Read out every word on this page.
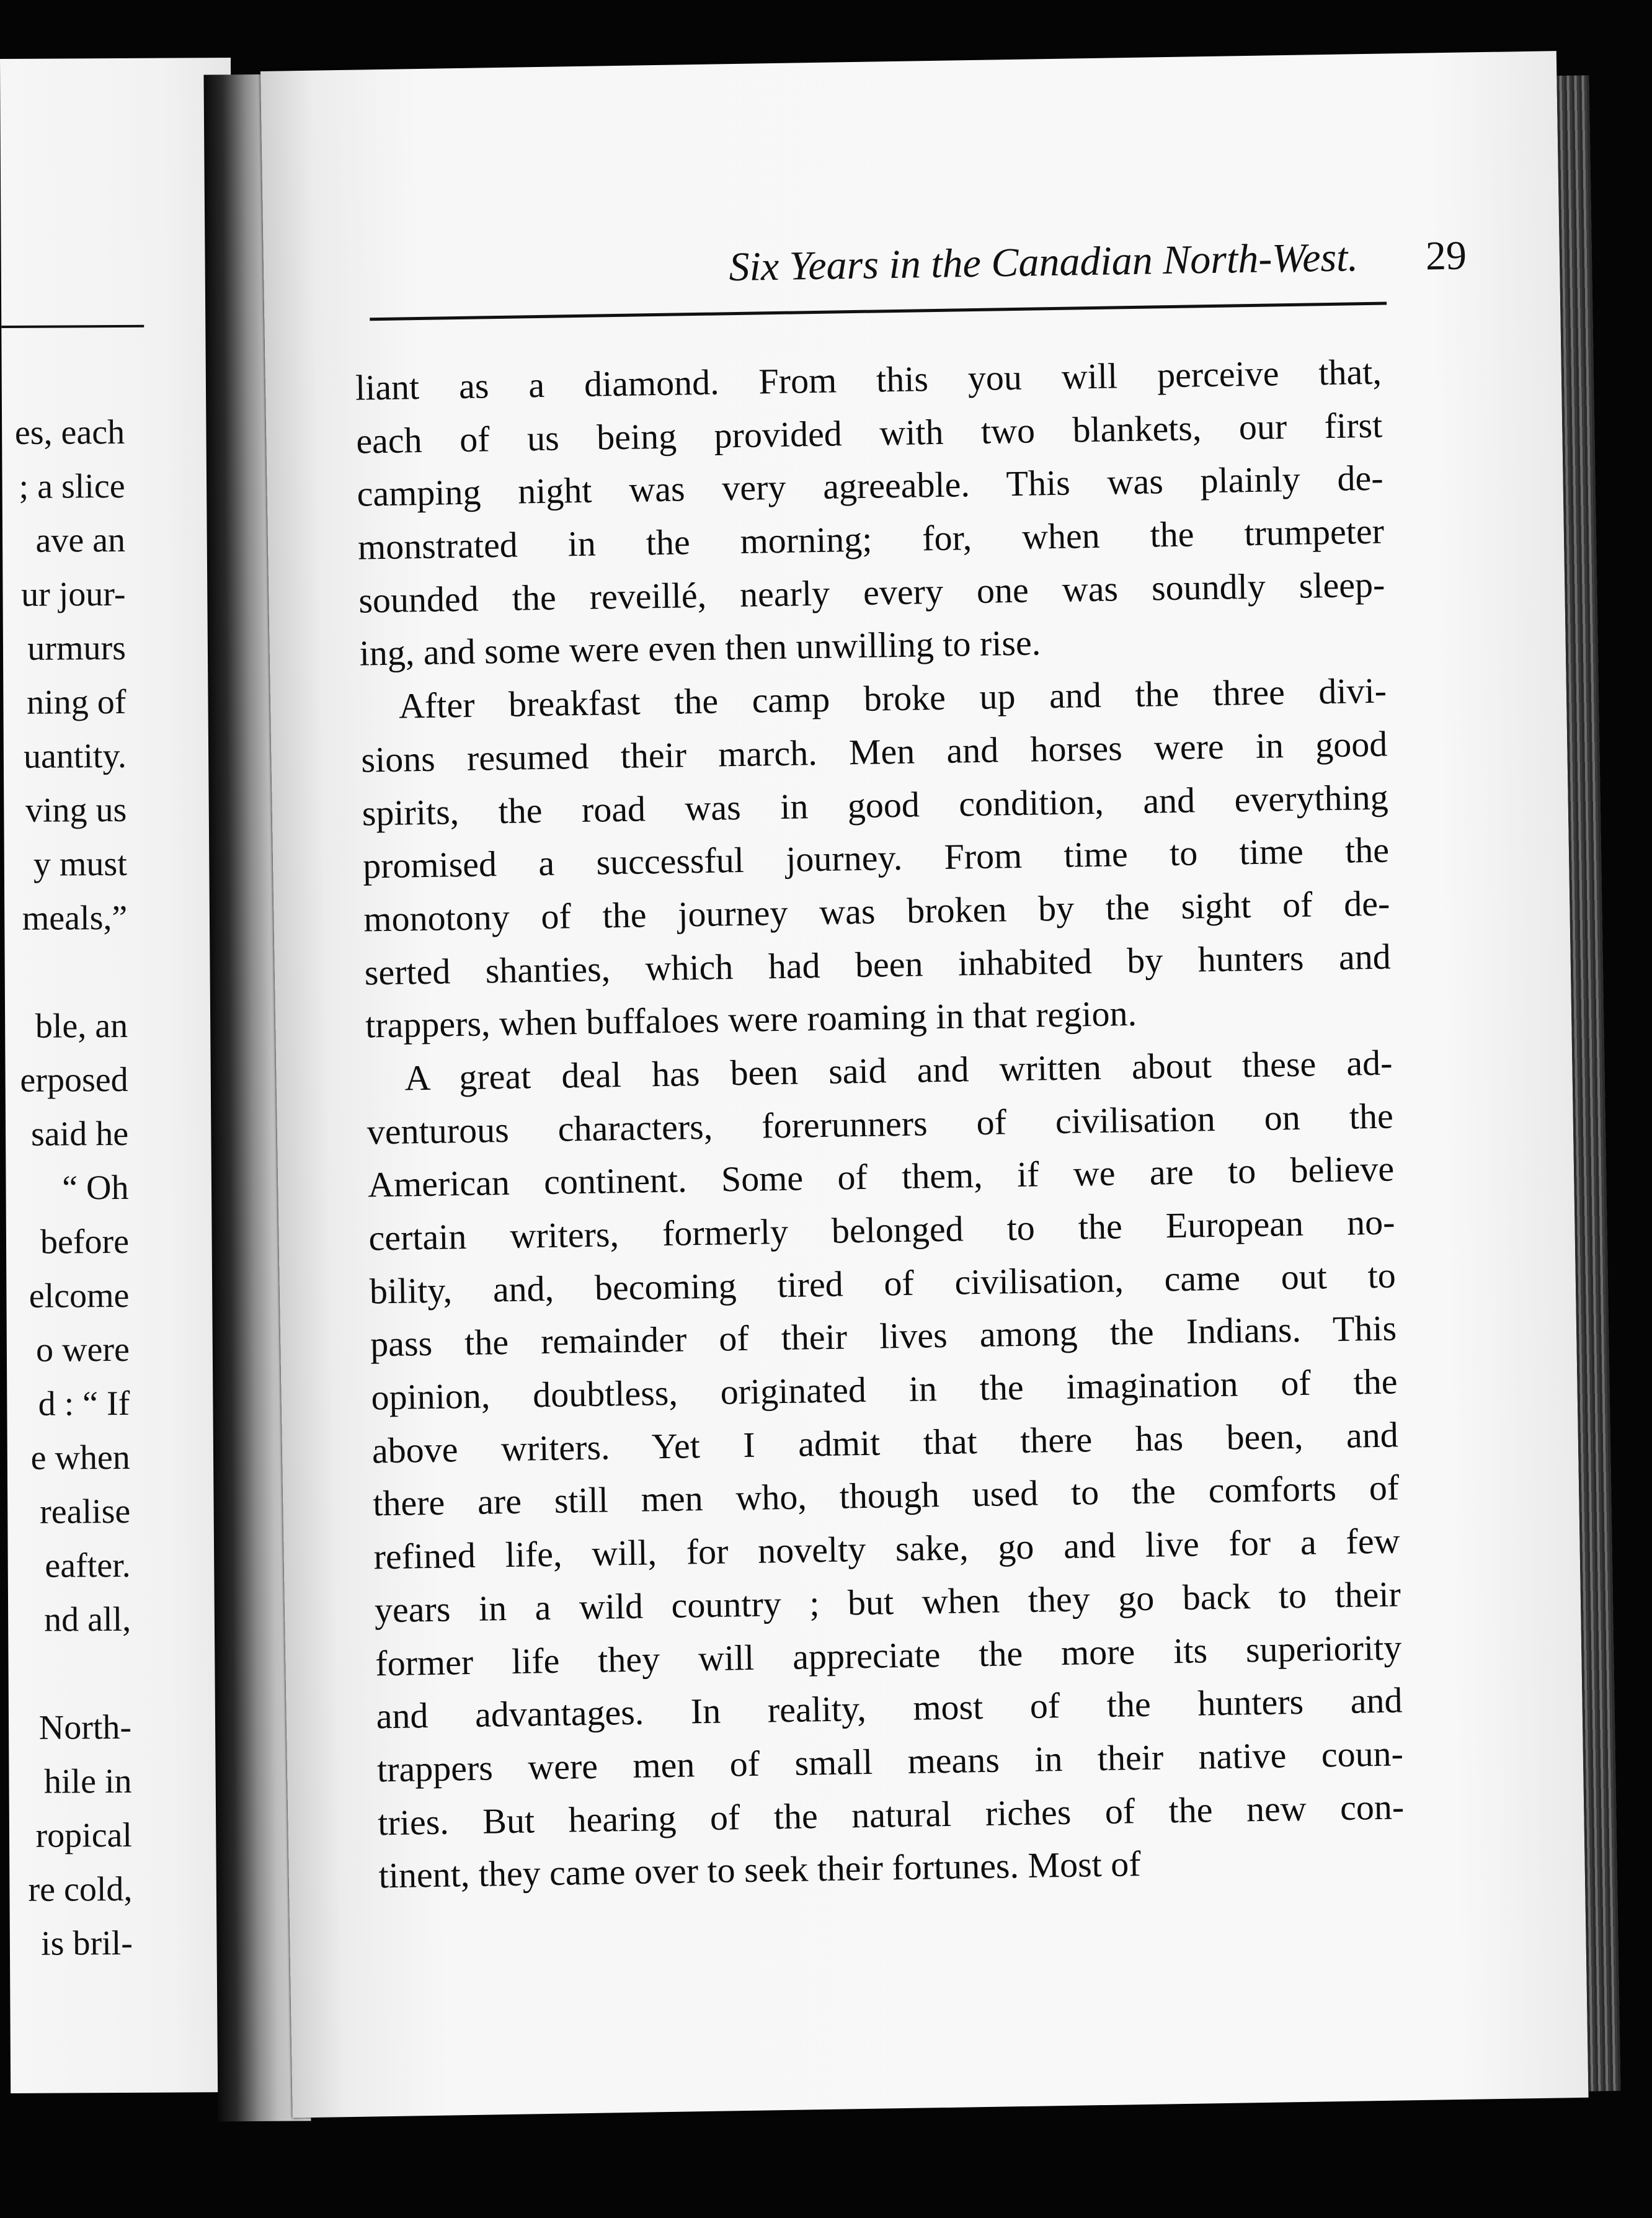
es, each
; a slice
ave an
ur jour-
urmurs
ning of
uantity.
ving us
y must
meals,”
ble, an
erposed
said he
“ Oh
before
elcome
o were
d : “ If
e when
realise
eafter.
nd all,
North-
hile in
ropical
re cold,
is bril-
Six Years in the Canadian North-West. 29
liant as a diamond. From this you will perceive that,
each of us being provided with two blankets, our first
camping night was very agreeable. This was plainly de-
monstrated in the morning; for, when the trumpeter
sounded the reveillé, nearly every one was soundly sleep-
ing, and some were even then unwilling to rise.
After breakfast the camp broke up and the three divi-
sions resumed their march. Men and horses were in good
spirits, the road was in good condition, and everything
promised a successful journey. From time to time the
monotony of the journey was broken by the sight of de-
serted shanties, which had been inhabited by hunters and
trappers, when buffaloes were roaming in that region.
A great deal has been said and written about these ad-
venturous characters, forerunners of civilisation on the
American continent. Some of them, if we are to believe
certain writers, formerly belonged to the European no-
bility, and, becoming tired of civilisation, came out to
pass the remainder of their lives among the Indians. This
opinion, doubtless, originated in the imagination of the
above writers. Yet I admit that there has been, and
there are still men who, though used to the comforts of
refined life, will, for novelty sake, go and live for a few
years in a wild country ; but when they go back to their
former life they will appreciate the more its superiority
and advantages. In reality, most of the hunters and
trappers were men of small means in their native coun-
tries. But hearing of the natural riches of the new con-
tinent, they came over to seek their fortunes. Most of
